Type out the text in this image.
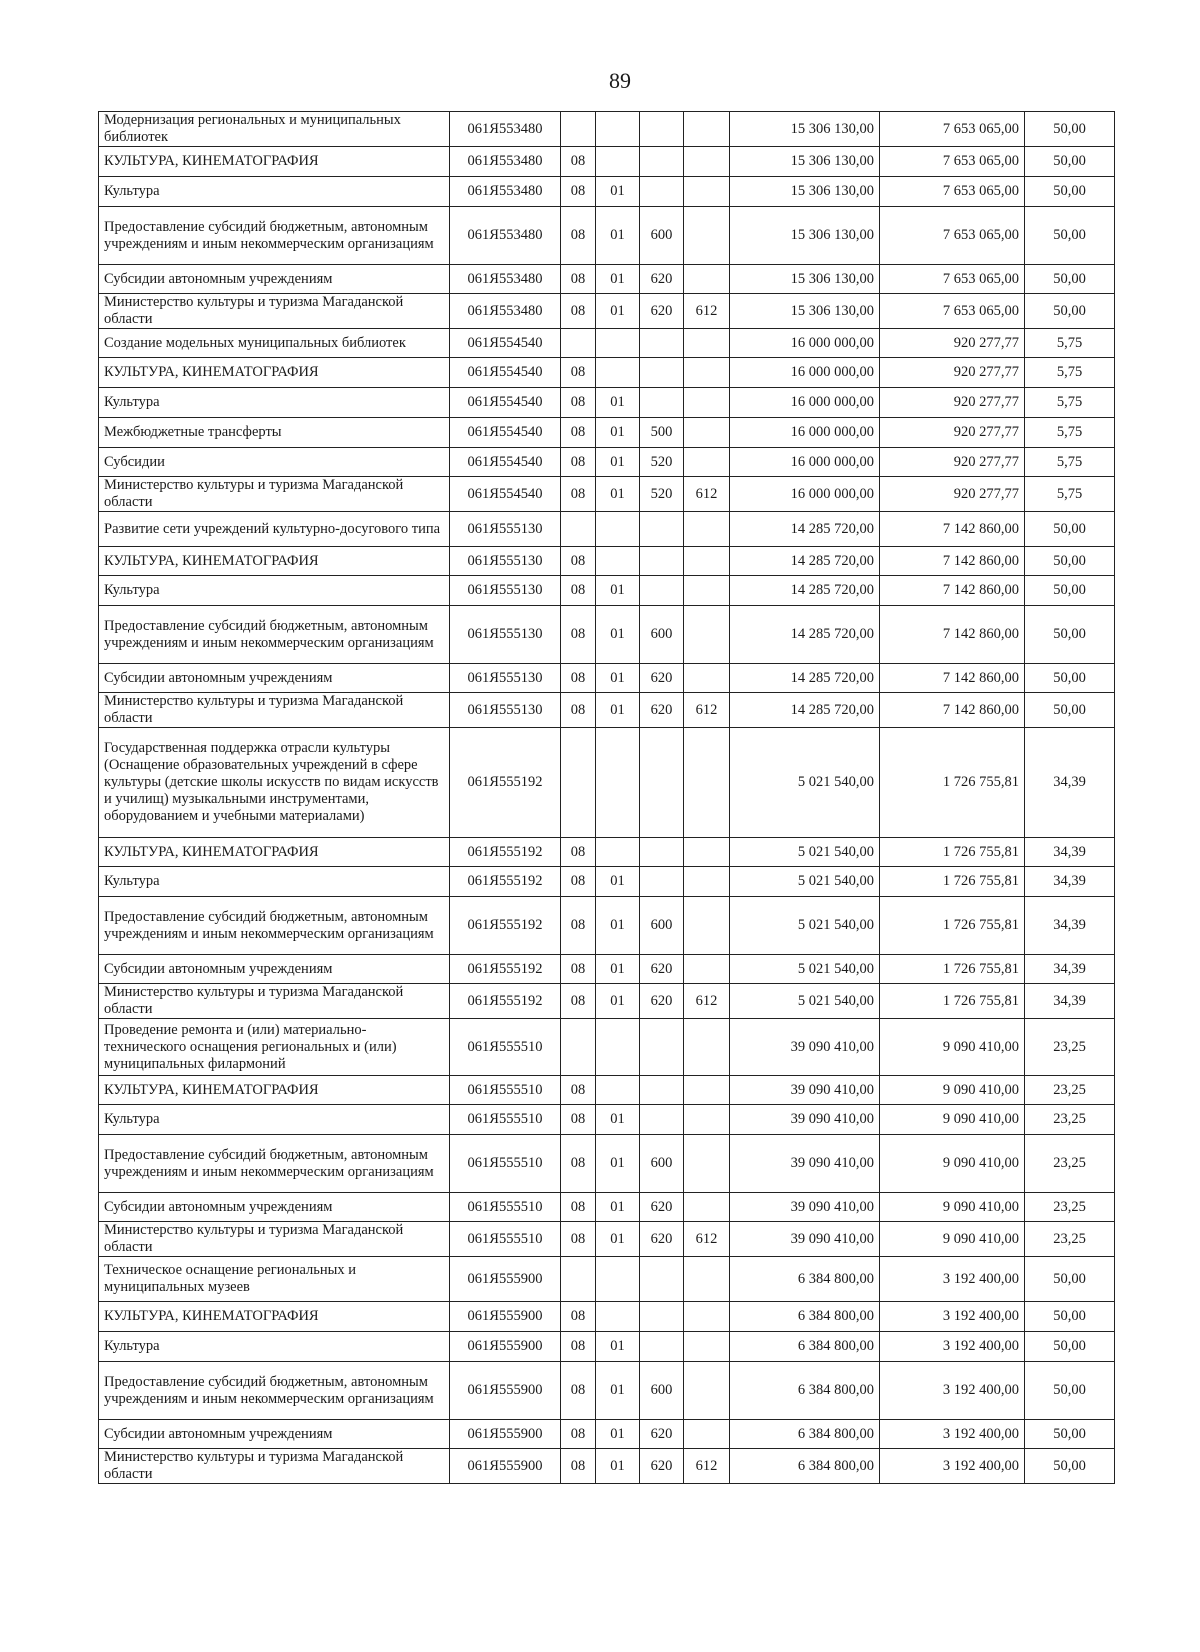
89
Модернизация региональных и муниципальных библиотек	061Я553480					15 306 130,00	7 653 065,00	50,00
КУЛЬТУРА, КИНЕМАТОГРАФИЯ	061Я553480	08				15 306 130,00	7 653 065,00	50,00
Культура	061Я553480	08	01			15 306 130,00	7 653 065,00	50,00
Предоставление субсидий бюджетным, автономным учреждениям и иным некоммерческим организациям	061Я553480	08	01	600		15 306 130,00	7 653 065,00	50,00
Субсидии автономным учреждениям	061Я553480	08	01	620		15 306 130,00	7 653 065,00	50,00
Министерство культуры и туризма Магаданской области	061Я553480	08	01	620	612	15 306 130,00	7 653 065,00	50,00
Создание модельных муниципальных библиотек	061Я554540					16 000 000,00	920 277,77	5,75
КУЛЬТУРА, КИНЕМАТОГРАФИЯ	061Я554540	08				16 000 000,00	920 277,77	5,75
Культура	061Я554540	08	01			16 000 000,00	920 277,77	5,75
Межбюджетные трансферты	061Я554540	08	01	500		16 000 000,00	920 277,77	5,75
Субсидии	061Я554540	08	01	520		16 000 000,00	920 277,77	5,75
Министерство культуры и туризма Магаданской области	061Я554540	08	01	520	612	16 000 000,00	920 277,77	5,75
Развитие сети учреждений культурно-досугового типа	061Я555130					14 285 720,00	7 142 860,00	50,00
КУЛЬТУРА, КИНЕМАТОГРАФИЯ	061Я555130	08				14 285 720,00	7 142 860,00	50,00
Культура	061Я555130	08	01			14 285 720,00	7 142 860,00	50,00
Предоставление субсидий бюджетным, автономным учреждениям и иным некоммерческим организациям	061Я555130	08	01	600		14 285 720,00	7 142 860,00	50,00
Субсидии автономным учреждениям	061Я555130	08	01	620		14 285 720,00	7 142 860,00	50,00
Министерство культуры и туризма Магаданской области	061Я555130	08	01	620	612	14 285 720,00	7 142 860,00	50,00
Государственная поддержка отрасли культуры (Оснащение образовательных учреждений в сфере культуры (детские школы искусств по видам искусств и училищ) музыкальными инструментами, оборудованием и учебными материалами)	061Я555192					5 021 540,00	1 726 755,81	34,39
КУЛЬТУРА, КИНЕМАТОГРАФИЯ	061Я555192	08				5 021 540,00	1 726 755,81	34,39
Культура	061Я555192	08	01			5 021 540,00	1 726 755,81	34,39
Предоставление субсидий бюджетным, автономным учреждениям и иным некоммерческим организациям	061Я555192	08	01	600		5 021 540,00	1 726 755,81	34,39
Субсидии автономным учреждениям	061Я555192	08	01	620		5 021 540,00	1 726 755,81	34,39
Министерство культуры и туризма Магаданской области	061Я555192	08	01	620	612	5 021 540,00	1 726 755,81	34,39
Проведение ремонта и (или) материально-технического оснащения региональных и (или) муниципальных филармоний	061Я555510					39 090 410,00	9 090 410,00	23,25
КУЛЬТУРА, КИНЕМАТОГРАФИЯ	061Я555510	08				39 090 410,00	9 090 410,00	23,25
Культура	061Я555510	08	01			39 090 410,00	9 090 410,00	23,25
Предоставление субсидий бюджетным, автономным учреждениям и иным некоммерческим организациям	061Я555510	08	01	600		39 090 410,00	9 090 410,00	23,25
Субсидии автономным учреждениям	061Я555510	08	01	620		39 090 410,00	9 090 410,00	23,25
Министерство культуры и туризма Магаданской области	061Я555510	08	01	620	612	39 090 410,00	9 090 410,00	23,25
Техническое оснащение региональных и муниципальных музеев	061Я555900					6 384 800,00	3 192 400,00	50,00
КУЛЬТУРА, КИНЕМАТОГРАФИЯ	061Я555900	08				6 384 800,00	3 192 400,00	50,00
Культура	061Я555900	08	01			6 384 800,00	3 192 400,00	50,00
Предоставление субсидий бюджетным, автономным учреждениям и иным некоммерческим организациям	061Я555900	08	01	600		6 384 800,00	3 192 400,00	50,00
Субсидии автономным учреждениям	061Я555900	08	01	620		6 384 800,00	3 192 400,00	50,00
Министерство культуры и туризма Магаданской области	061Я555900	08	01	620	612	6 384 800,00	3 192 400,00	50,00
